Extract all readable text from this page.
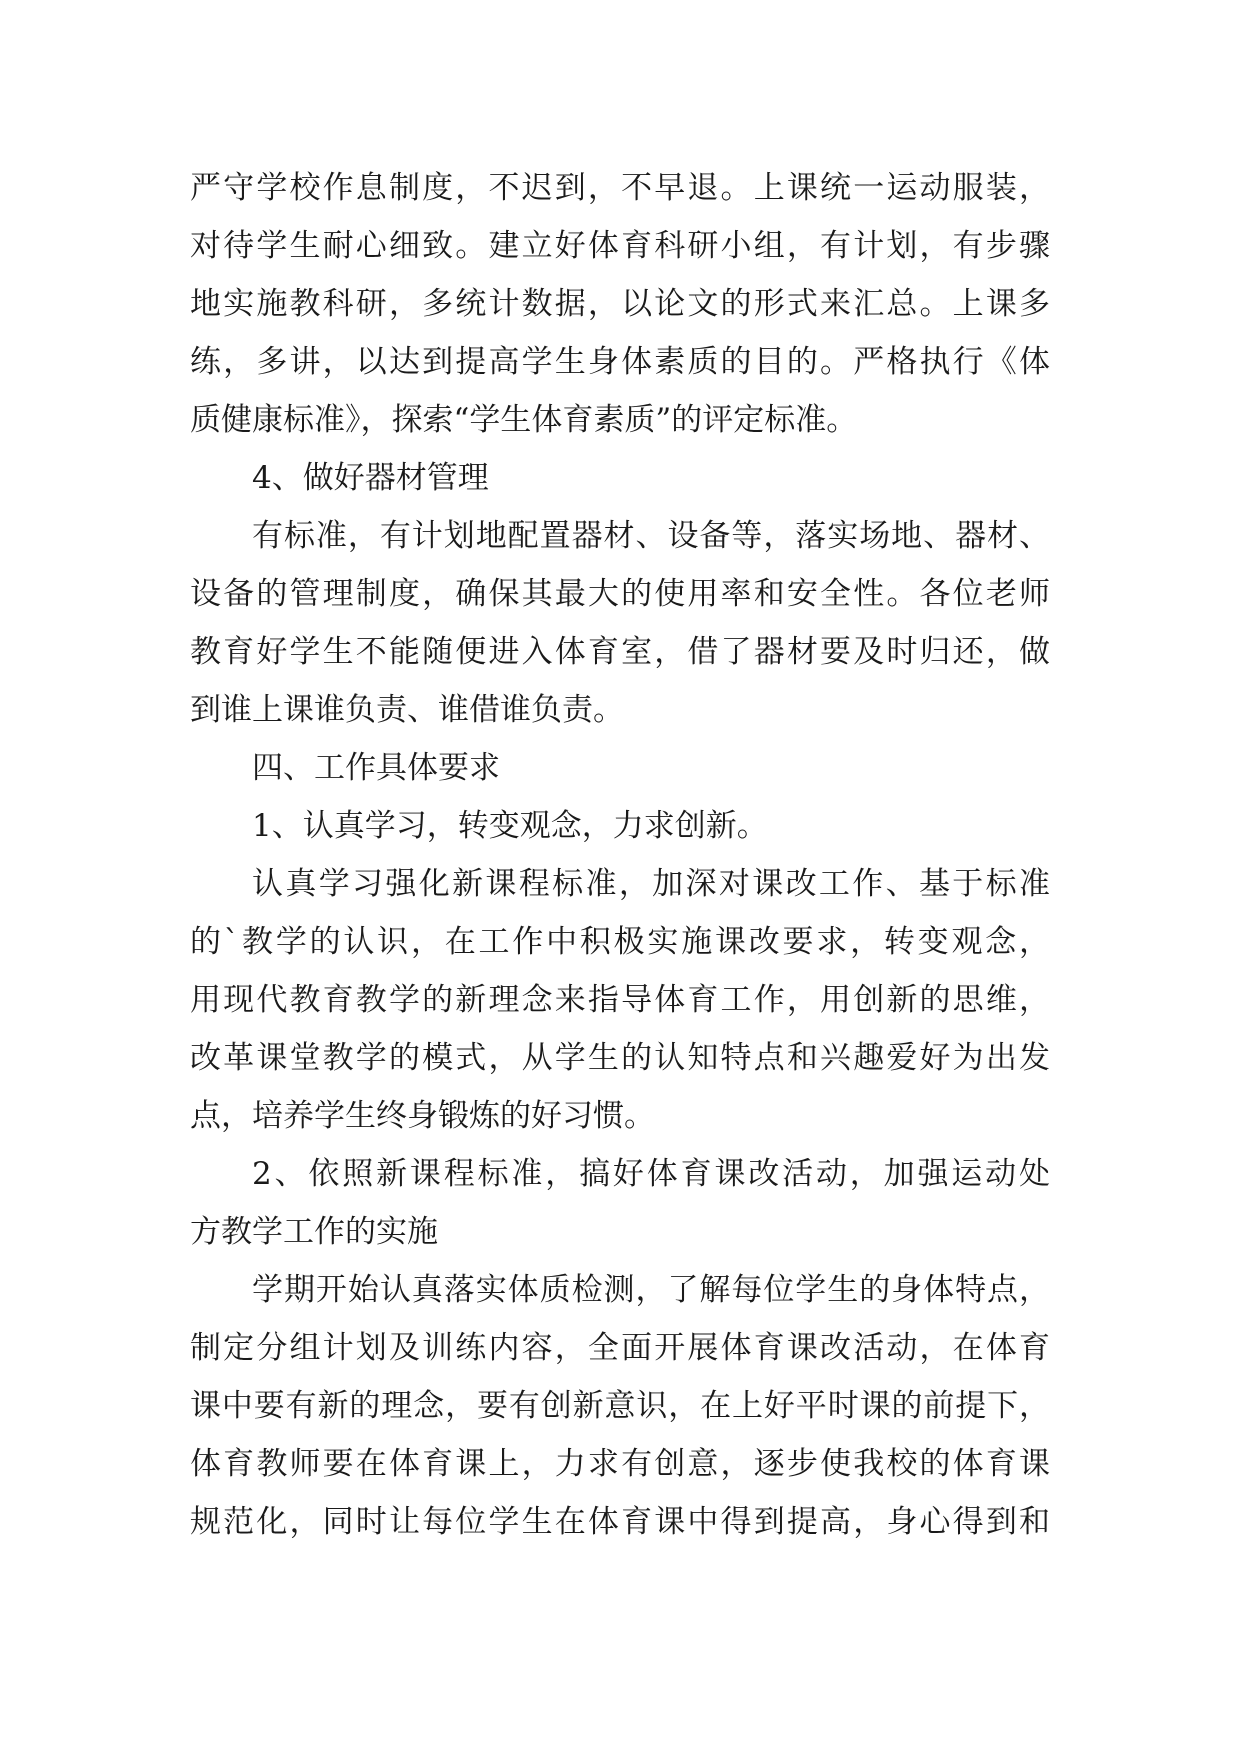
严守学校作息制度，不迟到，不早退。上课统一运动服装，
对待学生耐心细致。建立好体育科研小组，有计划，有步骤
地实施教科研，多统计数据，以论文的形式来汇总。上课多
练，多讲，以达到提高学生身体素质的目的。严格执行《体
质健康标准》，探索“学生体育素质”的评定标准。
4、做好器材管理
有标准，有计划地配置器材、设备等，落实场地、器材、
设备的管理制度，确保其最大的使用率和安全性。各位老师
教育好学生不能随便进入体育室，借了器材要及时归还，做
到谁上课谁负责、谁借谁负责。
四、工作具体要求
1、认真学习，转变观念，力求创新。
认真学习强化新课程标准，加深对课改工作、基于标准
的`教学的认识，在工作中积极实施课改要求，转变观念，
用现代教育教学的新理念来指导体育工作，用创新的思维，
改革课堂教学的模式，从学生的认知特点和兴趣爱好为出发
点，培养学生终身锻炼的好习惯。
2、依照新课程标准，搞好体育课改活动，加强运动处
方教学工作的实施
学期开始认真落实体质检测，了解每位学生的身体特点，
制定分组计划及训练内容，全面开展体育课改活动，在体育
课中要有新的理念，要有创新意识，在上好平时课的前提下，
体育教师要在体育课上，力求有创意，逐步使我校的体育课
规范化，同时让每位学生在体育课中得到提高，身心得到和
